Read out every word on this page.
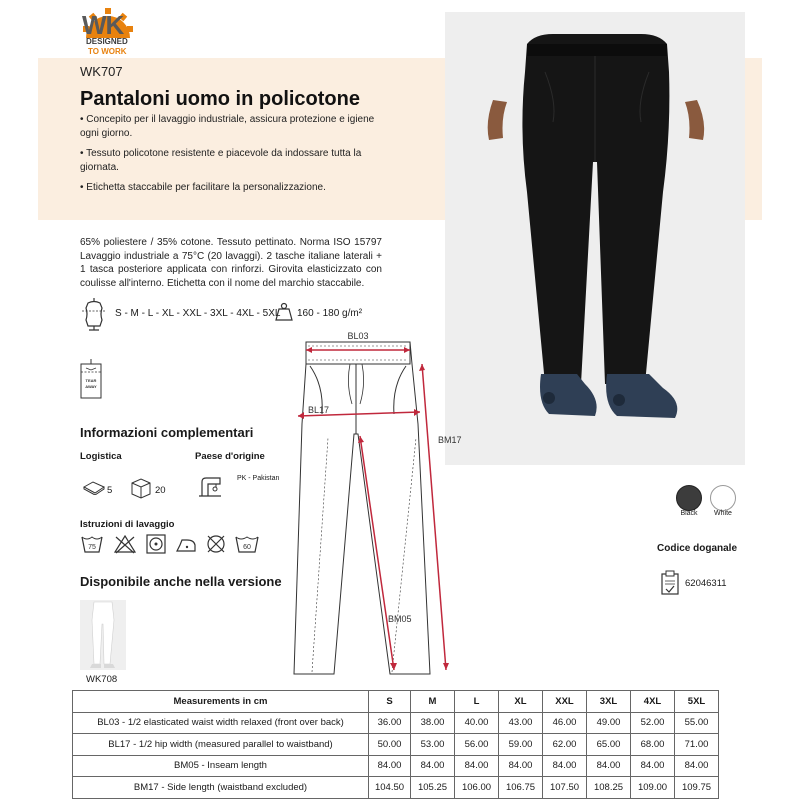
WK
DESIGNED
TO WORK
WK707
Pantaloni uomo in policotone

• Concepito per il lavaggio industriale, assicura protezione e igiene ogni giorno.

• Tessuto policotone resistente e piacevole da indossare tutta la giornata.

• Etichetta staccabile per facilitare la personalizzazione.

65% poliestere / 35% cotone. Tessuto pettinato. Norma ISO 15797 Lavaggio industriale a 75°C (20 lavaggi). 2 tasche italiane laterali + 1 tasca posteriore applicata con rinforzi. Girovita elasticizzato con coulisse all'interno. Etichetta con il nome del marchio staccabile.
S - M - L - XL - XXL - 3XL - 4XL - 5XL 160 - 180 g/m²
TEAR
AWAY
Informazioni complementari
Logistica	Paese d'origine
5	20
PK - Pakistan
Istruzioni di lavaggio
75	60
Disponibile anche nella versione
WK708
BL03
BL17
BM17
BM05
Black	White
Codice doganale
62046311
Measurements in cm	S	M	L	XL	XXL	3XL	4XL	5XL
BL03 - 1/2 elasticated waist width relaxed (front over back)	36.00	38.00	40.00	43.00	46.00	49.00	52.00	55.00
BL17 - 1/2 hip width (measured parallel to waistband)	50.00	53.00	56.00	59.00	62.00	65.00	68.00	71.00
BM05 - Inseam length	84.00	84.00	84.00	84.00	84.00	84.00	84.00	84.00
BM17 - Side length (waistband excluded)	104.50	105.25	106.00	106.75	107.50	108.25	109.00	109.75
